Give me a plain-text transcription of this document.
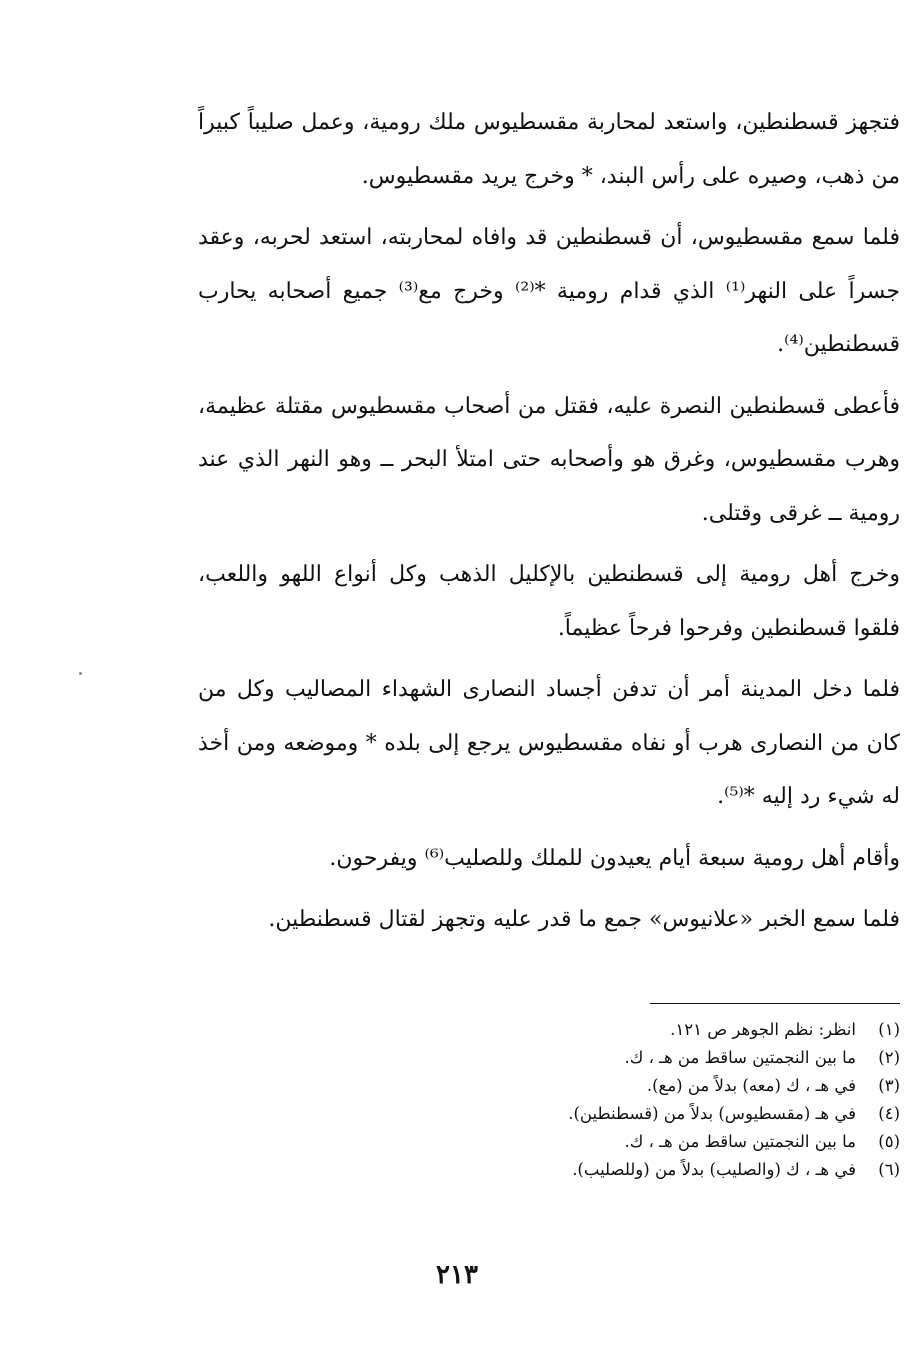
فتجهز قسطنطين، واستعد لمحاربة مقسطيوس ملك رومية، وعمل صليباً كبيراً من ذهب، وصيره على رأس البند، * وخرج يريد مقسطيوس.

فلما سمع مقسطيوس، أن قسطنطين قد وافاه لمحاربته، استعد لحربه، وعقد جسراً على النهر⁽¹⁾ الذي قدام رومية *⁽²⁾ وخرج مع⁽³⁾ جميع أصحابه يحارب قسطنطين⁽⁴⁾.

فأعطى قسطنطين النصرة عليه، فقتل من أصحاب مقسطيوس مقتلة عظيمة، وهرب مقسطيوس، وغرق هو وأصحابه حتى امتلأ البحر ــ وهو النهر الذي عند رومية ــ غرقى وقتلى.

وخرج أهل رومية إلى قسطنطين بالإكليل الذهب وكل أنواع اللهو واللعب، فلقوا قسطنطين وفرحوا فرحاً عظيماً.

فلما دخل المدينة أمر أن تدفن أجساد النصارى الشهداء المصاليب وكل من كان من النصارى هرب أو نفاه مقسطيوس يرجع إلى بلده * وموضعه ومن أخذ له شيء رد إليه *⁽⁵⁾.

وأقام أهل رومية سبعة أيام يعيدون للملك وللصليب⁽⁶⁾ ويفرحون.

فلما سمع الخبر «علانيوس» جمع ما قدر عليه وتجهز لقتال قسطنطين.

(١)
انظر: نظم الجوهر ص ١٢١.
(٢)
ما بين النجمتين ساقط من هـ ، ك.
(٣)
في هـ ، ك (معه) بدلاً من (مع).
(٤)
في هـ (مقسطيوس) بدلاً من (قسطنطين).
(٥)
ما بين النجمتين ساقط من هـ ، ك.
(٦)
في هـ ، ك (والصليب) بدلاً من (وللصليب).
٢١٣
